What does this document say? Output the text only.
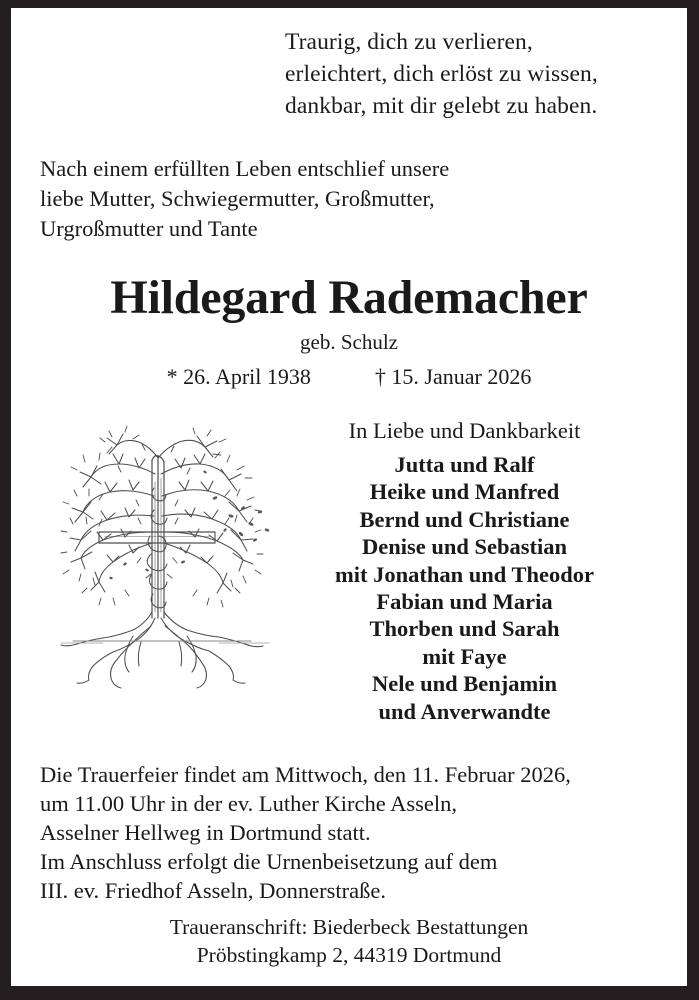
Traurig, dich zu verlieren,
erleichtert, dich erlöst zu wissen,
dankbar, mit dir gelebt zu haben.
Nach einem erfüllten Leben entschlief unsere
liebe Mutter, Schwiegermutter, Großmutter,
Urgroßmutter und Tante
Hildegard Rademacher
geb. Schulz
* 26. April 1938	† 15. Januar 2026
In Liebe und Dankbarkeit
Jutta und Ralf
Heike und Manfred
Bernd und Christiane
Denise und Sebastian
mit Jonathan und Theodor
Fabian und Maria
Thorben und Sarah
mit Faye
Nele und Benjamin
und Anverwandte
Die Trauerfeier findet am Mittwoch, den 11. Februar 2026,
um 11.00 Uhr in der ev. Luther Kirche Asseln,
Asselner Hellweg in Dortmund statt.
Im Anschluss erfolgt die Urnenbeisetzung auf dem
III. ev. Friedhof Asseln, Donnerstraße.
Traueranschrift: Biederbeck Bestattungen
Pröbstingkamp 2, 44319 Dortmund
